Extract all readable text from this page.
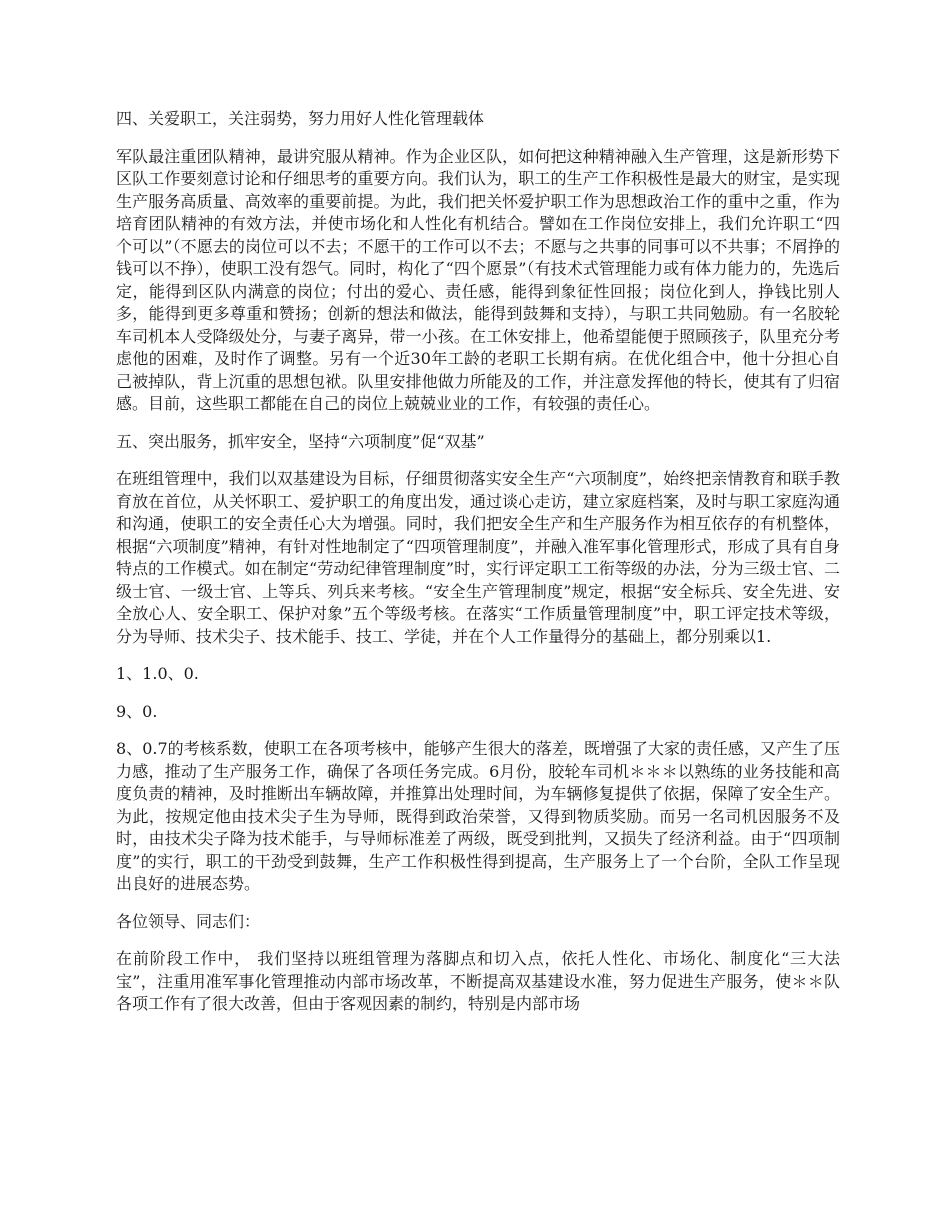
四、关爱职工，关注弱势，努力用好人性化管理载体

军队最注重团队精神，最讲究服从精神。作为企业区队，如何把这种精神融入生产管理，这是新形势下区队工作要刻意讨论和仔细思考的重要方向。我们认为，职工的生产工作积极性是最大的财宝，是实现生产服务高质量、高效率的重要前提。为此，我们把关怀爱护职工作为思想政治工作的重中之重，作为培育团队精神的有效方法，并使市场化和人性化有机结合。譬如在工作岗位安排上，我们允许职工“四个可以”（不愿去的岗位可以不去；不愿干的工作可以不去；不愿与之共事的同事可以不共事；不屑挣的钱可以不挣），使职工没有怨气。同时，构化了“四个愿景”（有技术式管理能力或有体力能力的，先选后定，能得到区队内满意的岗位；付出的爱心、责任感，能得到象征性回报；岗位化到人，挣钱比别人多，能得到更多尊重和赞扬；创新的想法和做法，能得到鼓舞和支持），与职工共同勉励。有一名胶轮车司机本人受降级处分，与妻子离异，带一小孩。在工休安排上，他希望能便于照顾孩子，队里充分考虑他的困难，及时作了调整。另有一个近30年工龄的老职工长期有病。在优化组合中，他十分担心自己被掉队，背上沉重的思想包袱。队里安排他做力所能及的工作，并注意发挥他的特长，使其有了归宿感。目前，这些职工都能在自己的岗位上兢兢业业的工作，有较强的责任心。

五、突出服务，抓牢安全，坚持“六项制度”促“双基”

在班组管理中，我们以双基建设为目标，仔细贯彻落实安全生产“六项制度”，始终把亲情教育和联手教育放在首位，从关怀职工、爱护职工的角度出发，通过谈心走访，建立家庭档案，及时与职工家庭沟通和沟通，使职工的安全责任心大为增强。同时，我们把安全生产和生产服务作为相互依存的有机整体，根据“六项制度”精神，有针对性地制定了“四项管理制度”，并融入准军事化管理形式，形成了具有自身特点的工作模式。如在制定“劳动纪律管理制度”时，实行评定职工工衔等级的办法，分为三级士官、二级士官、一级士官、上等兵、列兵来考核。“安全生产管理制度”规定，根据“安全标兵、安全先进、安全放心人、安全职工、保护对象”五个等级考核。在落实“工作质量管理制度”中，职工评定技术等级，分为导师、技术尖子、技术能手、技工、学徒，并在个人工作量得分的基础上，都分别乘以1.

1、1.0、0.

9、0.

8、0.7的考核系数，使职工在各项考核中，能够产生很大的落差，既增强了大家的责任感，又产生了压力感，推动了生产服务工作，确保了各项任务完成。6月份，胶轮车司机＊＊＊以熟练的业务技能和高度负责的精神，及时推断出车辆故障，并推算出处理时间，为车辆修复提供了依据，保障了安全生产。为此，按规定他由技术尖子生为导师，既得到政治荣誉，又得到物质奖励。而另一名司机因服务不及时，由技术尖子降为技术能手，与导师标准差了两级，既受到批判，又损失了经济利益。由于“四项制度”的实行，职工的干劲受到鼓舞，生产工作积极性得到提高，生产服务上了一个台阶，全队工作呈现出良好的进展态势。

各位领导、同志们：

在前阶段工作中， 我们坚持以班组管理为落脚点和切入点，依托人性化、市场化、制度化“三大法宝”，注重用准军事化管理推动内部市场改革，不断提高双基建设水准，努力促进生产服务，使＊＊队各项工作有了很大改善，但由于客观因素的制约，特别是内部市场
